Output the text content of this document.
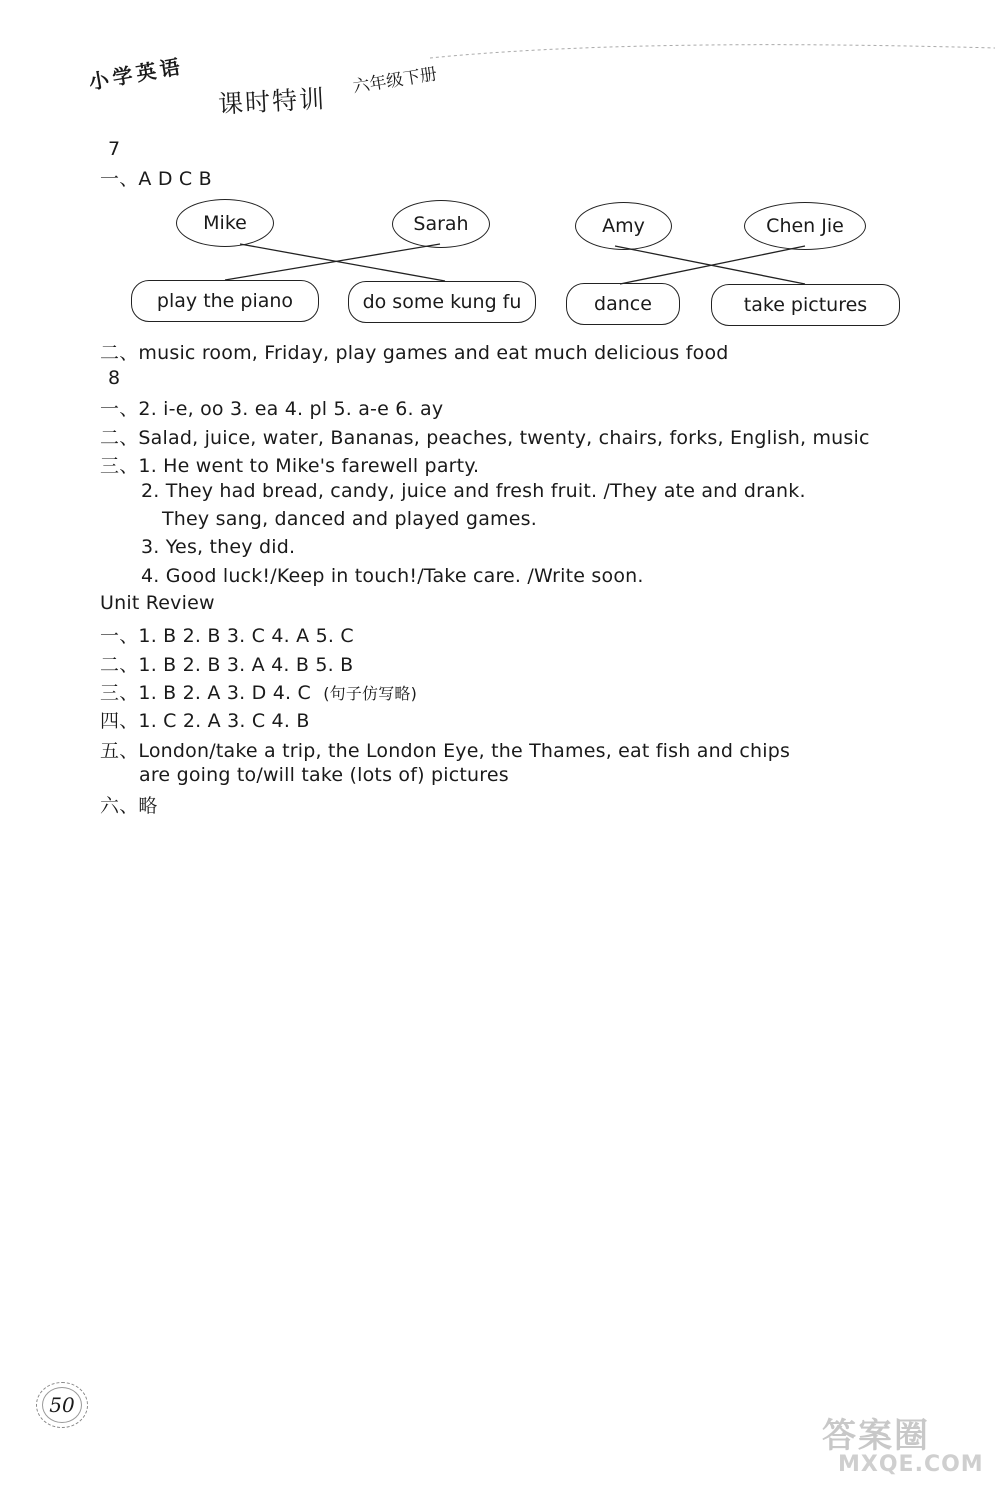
小学英语
课时特训
六年级下册
7
一、A D C B
Mike	Sarah	Amy	Chen Jie
play the piano	do some kung fu	dance	take pictures
二、music room, Friday, play games and eat much delicious food
8
一、2. i-e, oo 3. ea 4. pl 5. a-e 6. ay
二、Salad, juice, water, Bananas, peaches, twenty, chairs, forks, English, music
三、1. He went to Mike's farewell party.
2. They had bread, candy, juice and fresh fruit. /They ate and drank.
They sang, danced and played games.
3. Yes, they did.
4. Good luck!/Keep in touch!/Take care. /Write soon.
Unit Review
一、1. B 2. B 3. C 4. A 5. C
二、1. B 2. B 3. A 4. B 5. B
三、1. B 2. A 3. D 4. C (句子仿写略)
四、1. C 2. A 3. C 4. B
五、London/take a trip, the London Eye, the Thames, eat fish and chips
are going to/will take (lots of) pictures
六、略
50
答案圈
MXQE.COM
